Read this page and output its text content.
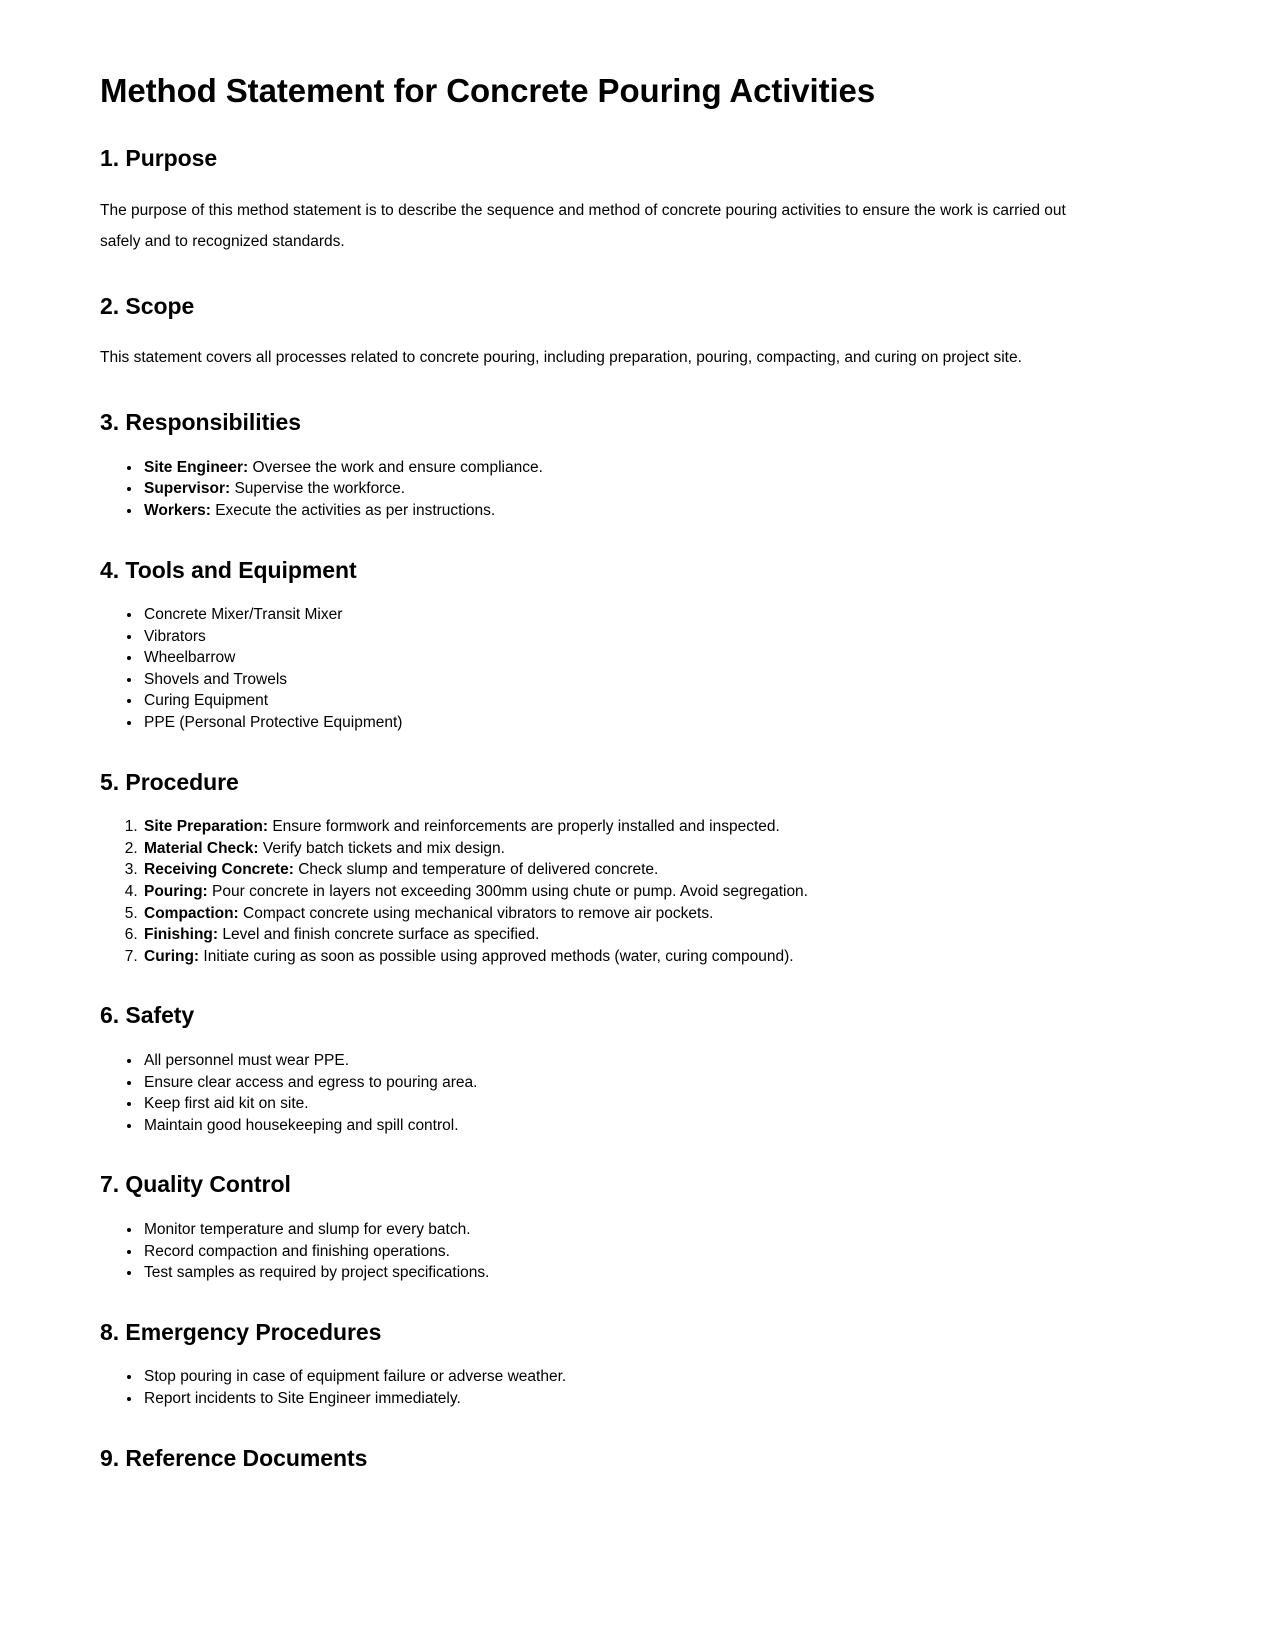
Method Statement for Concrete Pouring Activities
1. Purpose

The purpose of this method statement is to describe the sequence and method of concrete pouring activities to ensure the work is carried out safely and to recognized standards.

2. Scope

This statement covers all processes related to concrete pouring, including preparation, pouring, compacting, and curing on project site.

3. Responsibilities
• Site Engineer: Oversee the work and ensure compliance.
• Supervisor: Supervise the workforce.
• Workers: Execute the activities as per instructions.
4. Tools and Equipment
• Concrete Mixer/Transit Mixer
• Vibrators
• Wheelbarrow
• Shovels and Trowels
• Curing Equipment
• PPE (Personal Protective Equipment)
5. Procedure
1. Site Preparation: Ensure formwork and reinforcements are properly installed and inspected.
2. Material Check: Verify batch tickets and mix design.
3. Receiving Concrete: Check slump and temperature of delivered concrete.
4. Pouring: Pour concrete in layers not exceeding 300mm using chute or pump. Avoid segregation.
5. Compaction: Compact concrete using mechanical vibrators to remove air pockets.
6. Finishing: Level and finish concrete surface as specified.
7. Curing: Initiate curing as soon as possible using approved methods (water, curing compound).
6. Safety
• All personnel must wear PPE.
• Ensure clear access and egress to pouring area.
• Keep first aid kit on site.
• Maintain good housekeeping and spill control.
7. Quality Control
• Monitor temperature and slump for every batch.
• Record compaction and finishing operations.
• Test samples as required by project specifications.
8. Emergency Procedures
• Stop pouring in case of equipment failure or adverse weather.
• Report incidents to Site Engineer immediately.
9. Reference Documents
